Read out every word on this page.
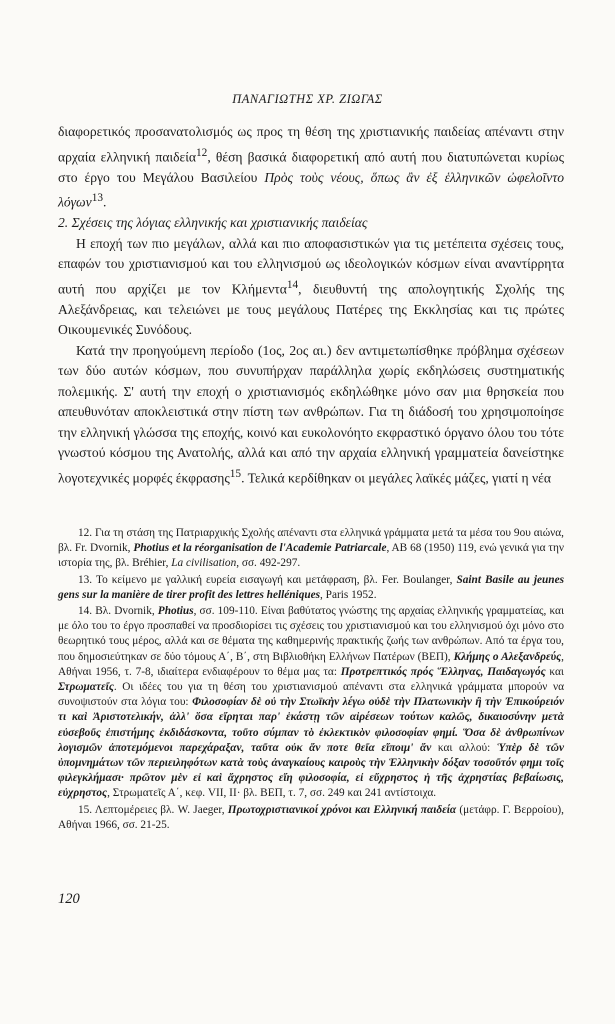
ΠΑΝΑΓΙΩΤΗΣ ΧΡ. ΖΙΩΓΑΣ

διαφορετικός προσανατολισμός ως προς τη θέση της χριστιανικής παιδείας απέναντι στην αρχαία ελληνική παιδεία$^{12}$, θέση βασικά διαφορετική από αυτή που διατυπώνεται κυρίως στο έργο του Μεγάλου Βασιλείου Πρὸς τοὺς νέους, ὅπως ἂν ἐξ ἑλληνικῶν ὠφελοῖντο λόγων$^{13}$.

2. Σχέσεις της λόγιας ελληνικής και χριστιανικής παιδείας

Η εποχή των πιο μεγάλων, αλλά και πιο αποφασιστικών για τις μετέπειτα σχέσεις τους, επαφών του χριστιανισμού και του ελληνισμού ως ιδεολογικών κόσμων είναι αναντίρρητα αυτή που αρχίζει με τον Κλήμεντα$^{14}$, διευθυντή της απολογητικής Σχολής της Αλεξάνδρειας, και τελειώνει με τους μεγάλους Πατέρες της Εκκλησίας και τις πρώτες Οικουμενικές Συνόδους.

Κατά την προηγούμενη περίοδο (1ος, 2ος αι.) δεν αντιμετωπίσθηκε πρόβλημα σχέσεων των δύο αυτών κόσμων, που συνυπήρχαν παράλληλα χωρίς εκδηλώσεις συστηματικής πολεμικής. Σ' αυτή την εποχή ο χριστιανισμός εκδηλώθηκε μόνο σαν μια θρησκεία που απευθυνόταν αποκλειστικά στην πίστη των ανθρώπων. Για τη διάδοσή του χρησιμοποίησε την ελληνική γλώσσα της εποχής, κοινό και ευκολονόητο εκφραστικό όργανο όλου του τότε γνωστού κόσμου της Ανατολής, αλλά και από την αρχαία ελληνική γραμματεία δανείστηκε λογοτεχνικές μορφές έκφρασης$^{15}$. Τελικά κερδίθηκαν οι μεγάλες λαϊκές μάζες, γιατί η νέα

12. Για τη στάση της Πατριαρχικής Σχολής απέναντι στα ελληνικά γράμματα μετά τα μέσα του 9ου αιώνα, βλ. Fr. Dvornik, Photius et la réorganisation de l'Academie Patriarcale, AB 68 (1950) 119, ενώ γενικά για την ιστορία της, βλ. Bréhier, La civilisation, σσ. 492-297.

13. Το κείμενο με γαλλική ευρεία εισαγωγή και μετάφραση, βλ. Fer. Boulanger, Saint Basile au jeunes gens sur la manière de tirer profit des lettres helléniques, Paris 1952.

14. Βλ. Dvornik, Photius, σσ. 109-110. Είναι βαθύτατος γνώστης της αρχαίας ελληνικής γραμματείας, και με όλο του το έργο προσπαθεί να προσδιορίσει τις σχέσεις του χριστιανισμού και του ελληνισμού όχι μόνο στο θεωρητικό τους μέρος, αλλά και σε θέματα της καθημερινής πρακτικής ζωής των ανθρώπων. Από τα έργα του, που δημοσιεύτηκαν σε δύο τόμους Α΄, Β΄, στη Βιβλιοθήκη Ελλήνων Πατέρων (ΒΕΠ), Κλήμης ο Αλεξανδρεύς, Αθήναι 1956, τ. 7-8, ιδιαίτερα ενδιαφέρουν το θέμα μας τα: Προτρεπτικός πρός Ἕλληνας, Παιδαγωγός και Στρωματεῖς. Οι ιδέες του για τη θέση του χριστιανισμού απέναντι στα ελληνικά γράμματα μπορούν να συνοψιστούν στα λόγια του: Φιλοσοφίαν δὲ οὐ τὴν Στωϊκὴν λέγω οὐδὲ τὴν Πλατωνικὴν ἢ τὴν Ἐπικούρειόν τι καὶ Ἀριστοτελικήν, ἀλλ' ὅσα εἴρηται παρ' ἑκάστῃ τῶν αἱρέσεων τούτων καλῶς, δικαιοσύνην μετὰ εὐσεβοῦς ἐπιστήμης ἐκδιδάσκοντα, τοῦτο σύμπαν τὸ ἐκλεκτικὸν φιλοσοφίαν φημί. Ὅσα δὲ ἀνθρωπίνων λογισμῶν ἀποτεμόμενοι παρεχάραξαν, ταῦτα οὐκ ἄν ποτε θεῖα εἴποιμ' ἄν και αλλού: Ὑπὲρ δὲ τῶν ὑπομνημάτων τῶν περιειληφότων κατὰ τοὺς ἀναγκαίους καιροὺς τὴν Ἑλληνικὴν δόξαν τοσοῦτόν φημι τοῖς φιλεγκλήμασι· πρῶτον μὲν εἰ καὶ ἄχρηστος εἴη φιλοσοφία, εἰ εὔχρηστος ἡ τῆς ἀχρηστίας βεβαίωσις, εὐχρηστος, Στρωματεῖς Α΄, κεφ. VII, II· βλ. ΒΕΠ, τ. 7, σσ. 249 και 241 αντίστοιχα.

15. Λεπτομέρειες βλ. W. Jaeger, Πρωτοχριστιανικοί χρόνοι και Ελληνική παιδεία (μετάφρ. Γ. Βερροίου), Αθήναι 1966, σσ. 21-25.

120
